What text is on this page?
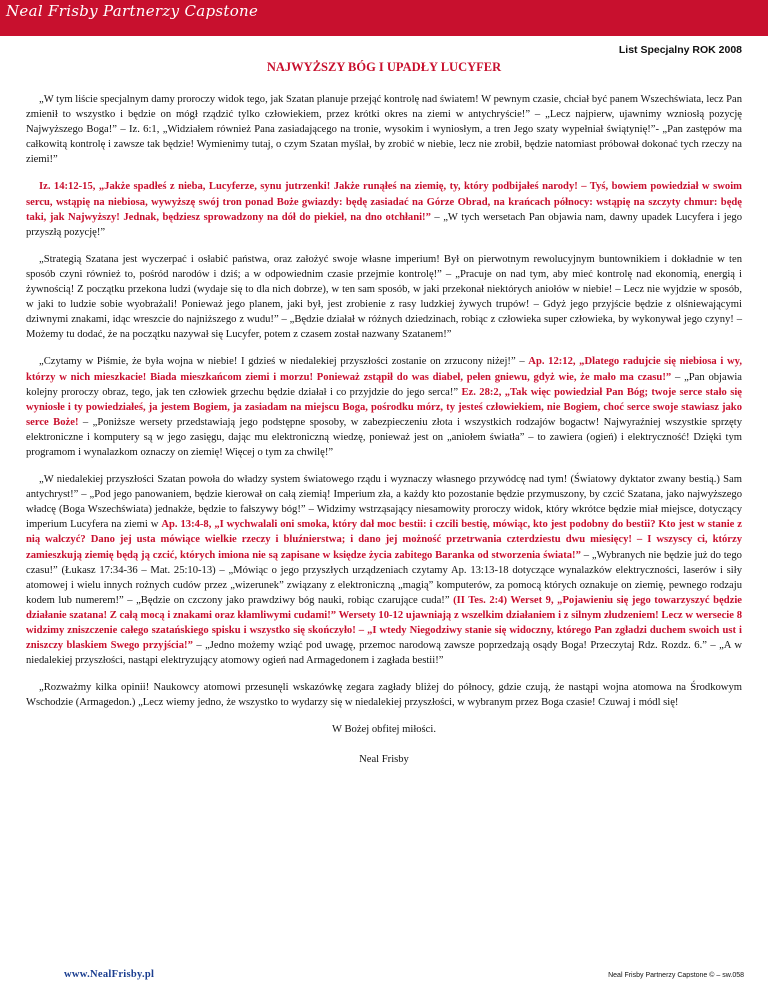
Neal Frisby Partnerzy Capstone
List Specjalny ROK 2008
NAJWYŻSZY BÓG I UPADŁY LUCYFER

„W tym liście specjalnym damy proroczy widok tego, jak Szatan planuje przejąć kontrolę nad światem! W pewnym czasie, chciał być panem Wszechświata, lecz Pan zmienił to wszystko i będzie on mógł rządzić tylko człowiekiem, przez krótki okres na ziemi w antychryście!” – „Lecz najpierw, ujawnimy wzniosłą pozycję Najwyższego Boga!” – Iz. 6:1, „Widziałem również Pana zasiadającego na tronie, wysokim i wyniosłym, a tren Jego szaty wypełniał świątynię!”- „Pan zastępów ma całkowitą kontrolę i zawsze tak będzie! Wymienimy tutaj, o czym Szatan myślał, by zrobić w niebie, lecz nie zrobił, będzie natomiast próbował dokonać tych rzeczy na ziemi!”

Iz. 14:12-15, „Jakże spadłeś z nieba, Lucyferze, synu jutrzenki! Jakże runąłeś na ziemię, ty, który podbijałeś narody! – Tyś, bowiem powiedział w swoim sercu, wstąpię na niebiosa, wywyższę swój tron ponad Boże gwiazdy: będę zasiadać na Górze Obrad, na krańcach północy: wstąpię na szczyty chmur: będę taki, jak Najwyższy! Jednak, będziesz sprowadzony na dół do piekieł, na dno otchłani!” – „W tych wersetach Pan objawia nam, dawny upadek Lucyfera i jego przyszłą pozycję!”

„Strategią Szatana jest wyczerpać i osłabić państwa, oraz założyć swoje własne imperium! Był on pierwotnym rewolucyjnym buntownikiem i dokładnie w ten sposób czyni również to, pośród narodów i dziś; a w odpowiednim czasie przejmie kontrolę!” – „Pracuje on nad tym, aby mieć kontrolę nad ekonomią, energią i żywnością! Z początku przekona ludzi (wydaje się to dla nich dobrze), w ten sam sposób, w jaki przekonał niektórych aniołów w niebie! – Lecz nie wyjdzie w sposób, w jaki to ludzie sobie wyobrażali! Ponieważ jego planem, jaki był, jest zrobienie z rasy ludzkiej żywych trupów! – Gdyż jego przyjście będzie z olśniewającymi dziwnymi znakami, idąc wreszcie do najniższego z wudu!” – „Będzie działał w różnych dziedzinach, robiąc z człowieka super człowieka, by wykonywał jego czyny! – Możemy tu dodać, że na początku nazywał się Lucyfer, potem z czasem został nazwany Szatanem!”

„Czytamy w Piśmie, że była wojna w niebie! I gdzieś w niedalekiej przyszłości zostanie on zrzucony niżej!” – Ap. 12:12, „Dlatego radujcie się niebiosa i wy, którzy w nich mieszkacie! Biada mieszkańcom ziemi i morzu! Ponieważ zstąpił do was diabeł, pełen gniewu, gdyż wie, że mało ma czasu!” – „Pan objawia kolejny proroczy obraz, tego, jak ten człowiek grzechu będzie działał i co przyjdzie do jego serca!” Ez. 28:2, „Tak więc powiedział Pan Bóg; twoje serce stało się wyniosłe i ty powiedziałeś, ja jestem Bogiem, ja zasiadam na miejscu Boga, pośrodku mórz, ty jesteś człowiekiem, nie Bogiem, choć serce swoje stawiasz jako serce Boże! – „Poniższe wersety przedstawiają jego podstępne sposoby, w zabezpieczeniu złota i wszystkich rodzajów bogactw! Najwyraźniej wszystkie sprzęty elektroniczne i komputery są w jego zasięgu, dając mu elektroniczną wiedzę, ponieważ jest on „aniołem światła” – to zawiera (ogień) i elektryczność! Dzięki tym programom i wynalazkom oznaczy on ziemię! Więcej o tym za chwilę!”

„W niedalekiej przyszłości Szatan powoła do władzy system światowego rządu i wyznaczy własnego przywódcę nad tym! (Światowy dyktator zwany bestią.) Sam antychryst!” – „Pod jego panowaniem, będzie kierował on całą ziemią! Imperium zła, a każdy kto pozostanie będzie przymuszony, by czcić Szatana, jako najwyższego władcę (Boga Wszechświata) jednakże, będzie to fałszywy bóg!” – Widzimy wstrząsający niesamowity proroczy widok, który wkrótce będzie miał miejsce, dotyczący imperium Lucyfera na ziemi w Ap. 13:4-8, „I wychwalali oni smoka, który dał moc bestii: i czcili bestię, mówiąc, kto jest podobny do bestii? Kto jest w stanie z nią walczyć? Dano jej usta mówiące wielkie rzeczy i bluźnierstwa; i dano jej możność przetrwania czterdziestu dwu miesięcy! – I wszyscy ci, którzy zamieszkują ziemię będą ją czcić, których imiona nie są zapisane w księdze życia zabitego Baranka od stworzenia świata!” – „Wybranych nie będzie już do tego czasu!” (Łukasz 17:34-36 – Mat. 25:10-13) – „Mówiąc o jego przyszłych urządzeniach czytamy Ap. 13:13-18 dotyczące wynalazków elektryczności, laserów i siły atomowej i wielu innych rożnych cudów przez „wizerunek” związany z elektroniczną „magią” komputerów, za pomocą których oznakuje on ziemię, pewnego rodzaju kodem lub numerem!” – „Będzie on czczony jako prawdziwy bóg nauki, robiąc czarujące cuda!” (II Tes. 2:4) Werset 9, „Pojawieniu się jego towarzyszyć będzie działanie szatana! Z całą mocą i znakami oraz kłamliwymi cudami!” Wersety 10-12 ujawniają z wszelkim działaniem i z silnym złudzeniem! Lecz w wersecie 8 widzimy zniszczenie całego szatańskiego spisku i wszystko się skończyło! – „I wtedy Niegodziwy stanie się widoczny, którego Pan zgładzi duchem swoich ust i zniszczy blaskiem Swego przyjścia!” – „Jedno możemy wziąć pod uwagę, przemoc narodową zawsze poprzedzają osądy Boga! Przeczytaj Rdz. Rozdz. 6.” – „A w niedalekiej przyszłości, nastąpi elektryzujący atomowy ogień nad Armagedonem i zagłada bestii!”

„Rozważmy kilka opinii! Naukowcy atomowi przesunęli wskazówkę zegara zagłady bliżej do północy, gdzie czują, że nastąpi wojna atomowa na Środkowym Wschodzie (Armagedon.) „Lecz wiemy jedno, że wszystko to wydarzy się w niedalekiej przyszłości, w wybranym przez Boga czasie! Czuwaj i módl się!

W Bożej obfitej miłości.

Neal Frisby

www.NealFrisby.pl	Neal Frisby Partnerzy Capstone © – sw.058
